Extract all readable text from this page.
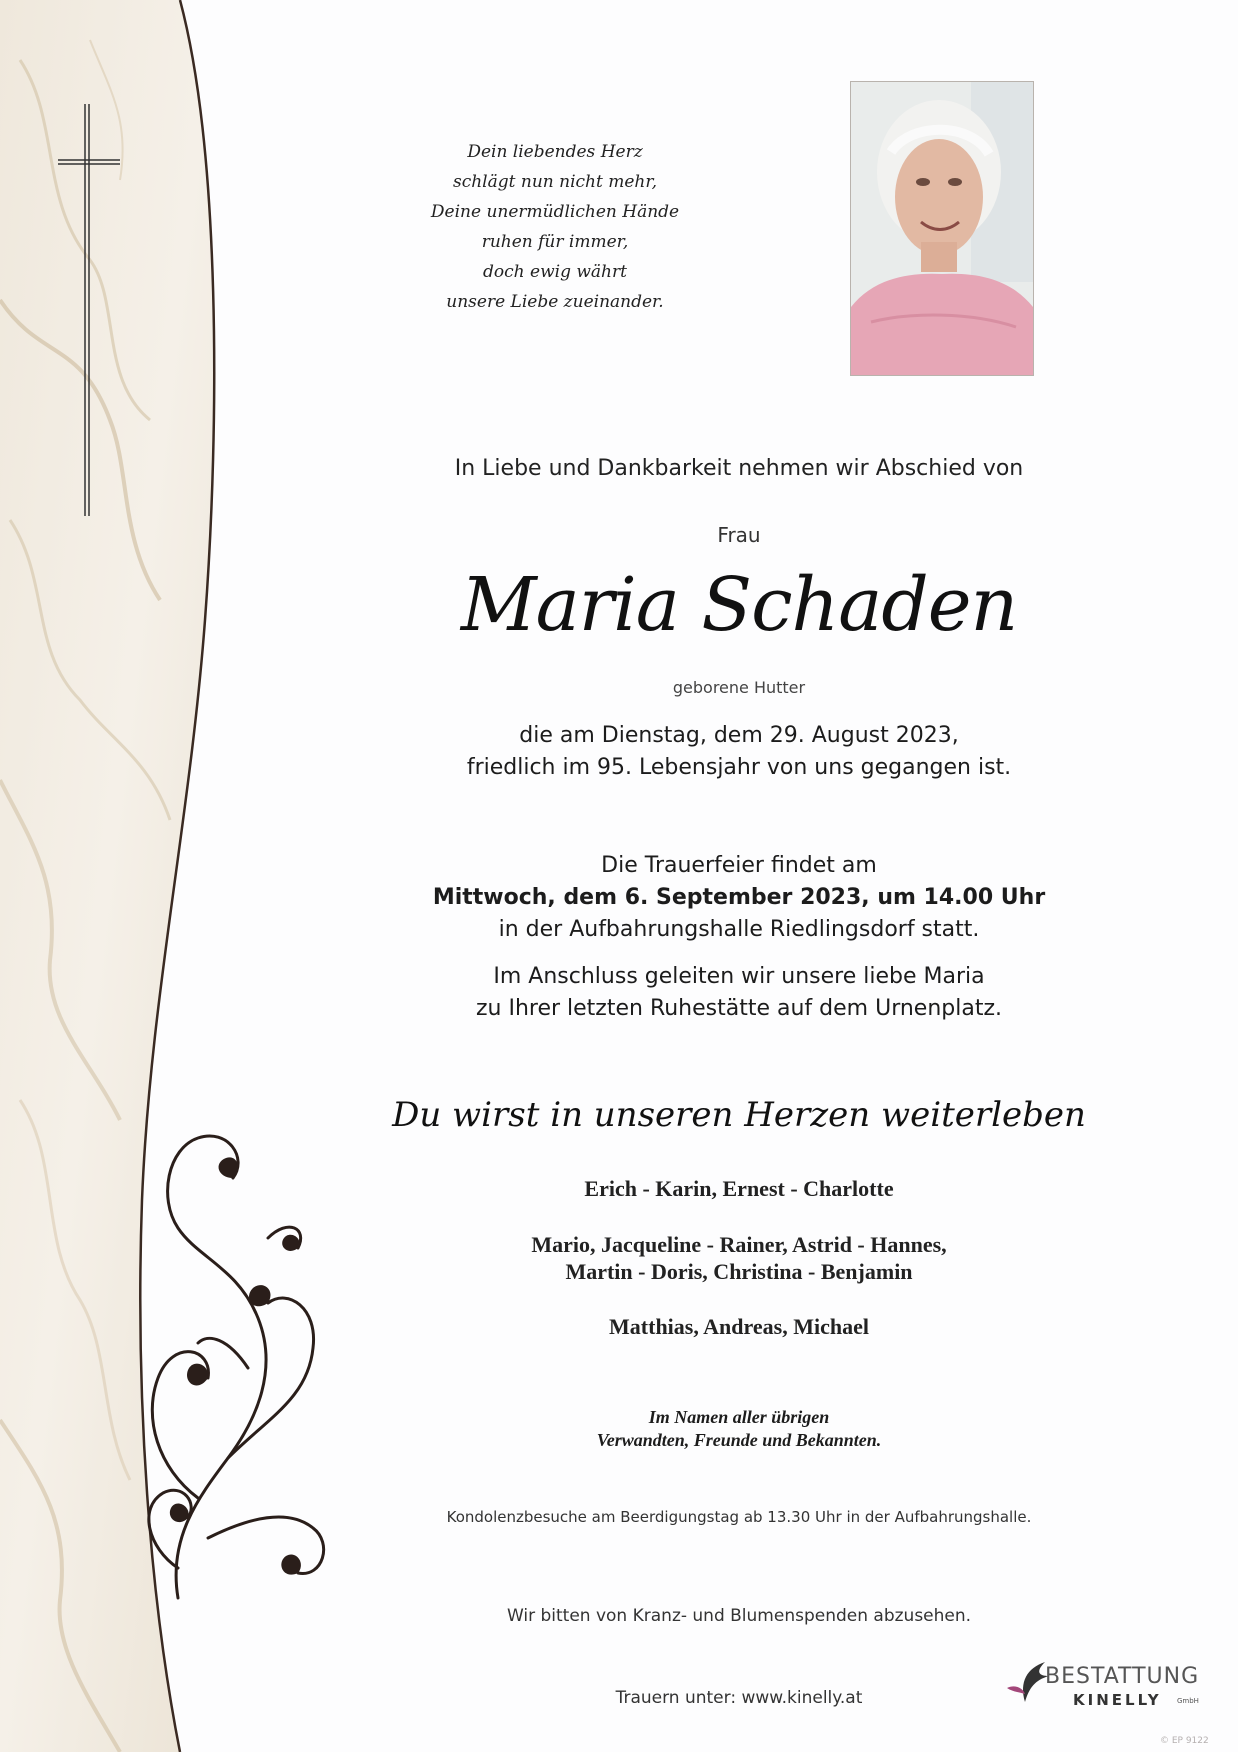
Dein liebendes Herz
schlägt nun nicht mehr,
Deine unermüdlichen Hände
ruhen für immer,
doch ewig währt
unsere Liebe zueinander.
In Liebe und Dankbarkeit nehmen wir Abschied von
Frau
Maria Schaden
geborene Hutter
die am Dienstag, dem 29. August 2023,
friedlich im 95. Lebensjahr von uns gegangen ist.
Die Trauerfeier findet am
Mittwoch, dem 6. September 2023, um 14.00 Uhr
in der Aufbahrungshalle Riedlingsdorf statt.
Im Anschluss geleiten wir unsere liebe Maria
zu Ihrer letzten Ruhestätte auf dem Urnenplatz.
Du wirst in unseren Herzen weiterleben
Erich - Karin, Ernest - Charlotte
Mario, Jacqueline - Rainer, Astrid - Hannes,
Martin - Doris, Christina - Benjamin
Matthias, Andreas, Michael
Im Namen aller übrigen
Verwandten, Freunde und Bekannten.
Kondolenzbesuche am Beerdigungstag ab 13.30 Uhr in der Aufbahrungshalle.
Wir bitten von Kranz- und Blumenspenden abzusehen.
Trauern unter: www.kinelly.at
BESTATTUNG
KINELLY GmbH
© EP 9122
